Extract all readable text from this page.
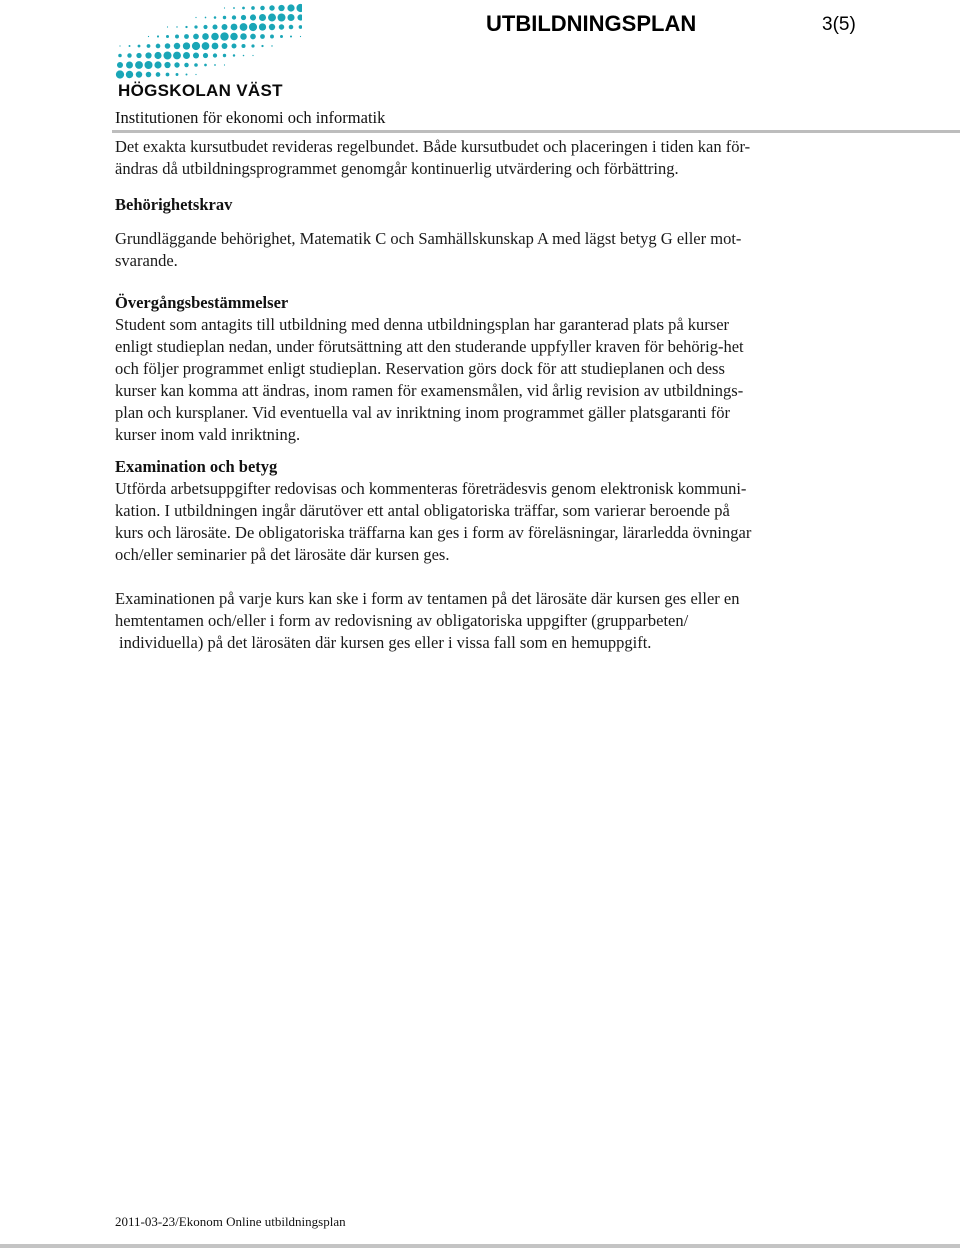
HÖGSKOLAN VÄST
UTBILDNINGSPLAN	3(5)
Institutionen för ekonomi och informatik

Det exakta kursutbudet revideras regelbundet. Både kursutbudet och placeringen i tiden kan för-

ändras då utbildningsprogrammet genomgår kontinuerlig utvärdering och förbättring.

Behörighetskrav

Grundläggande behörighet, Matematik C och Samhällskunskap A med lägst betyg G eller mot-

svarande.

Övergångsbestämmelser

Student som antagits till utbildning med denna utbildningsplan har garanterad plats på kurser

enligt studieplan nedan, under förutsättning att den studerande uppfyller kraven för behörig-het

och följer programmet enligt studieplan. Reservation görs dock för att studieplanen och dess

kurser kan komma att ändras, inom ramen för examensmålen, vid årlig revision av utbildnings-

plan och kursplaner. Vid eventuella val av inriktning inom programmet gäller platsgaranti för

kurser inom vald inriktning.

Examination och betyg

Utförda arbetsuppgifter redovisas och kommenteras företrädesvis genom elektronisk kommuni-

kation. I utbildningen ingår därutöver ett antal obligatoriska träffar, som varierar beroende på

kurs och lärosäte. De obligatoriska träffarna kan ges i form av föreläsningar, lärarledda övningar

och/eller seminarier på det lärosäte där kursen ges.

Examinationen på varje kurs kan ske i form av tentamen på det lärosäte där kursen ges eller en

hemtentamen och/eller i form av redovisning av obligatoriska uppgifter (grupparbeten/

individuella) på det lärosäten där kursen ges eller i vissa fall som en hemuppgift.

2011-03-23/Ekonom Online utbildningsplan
